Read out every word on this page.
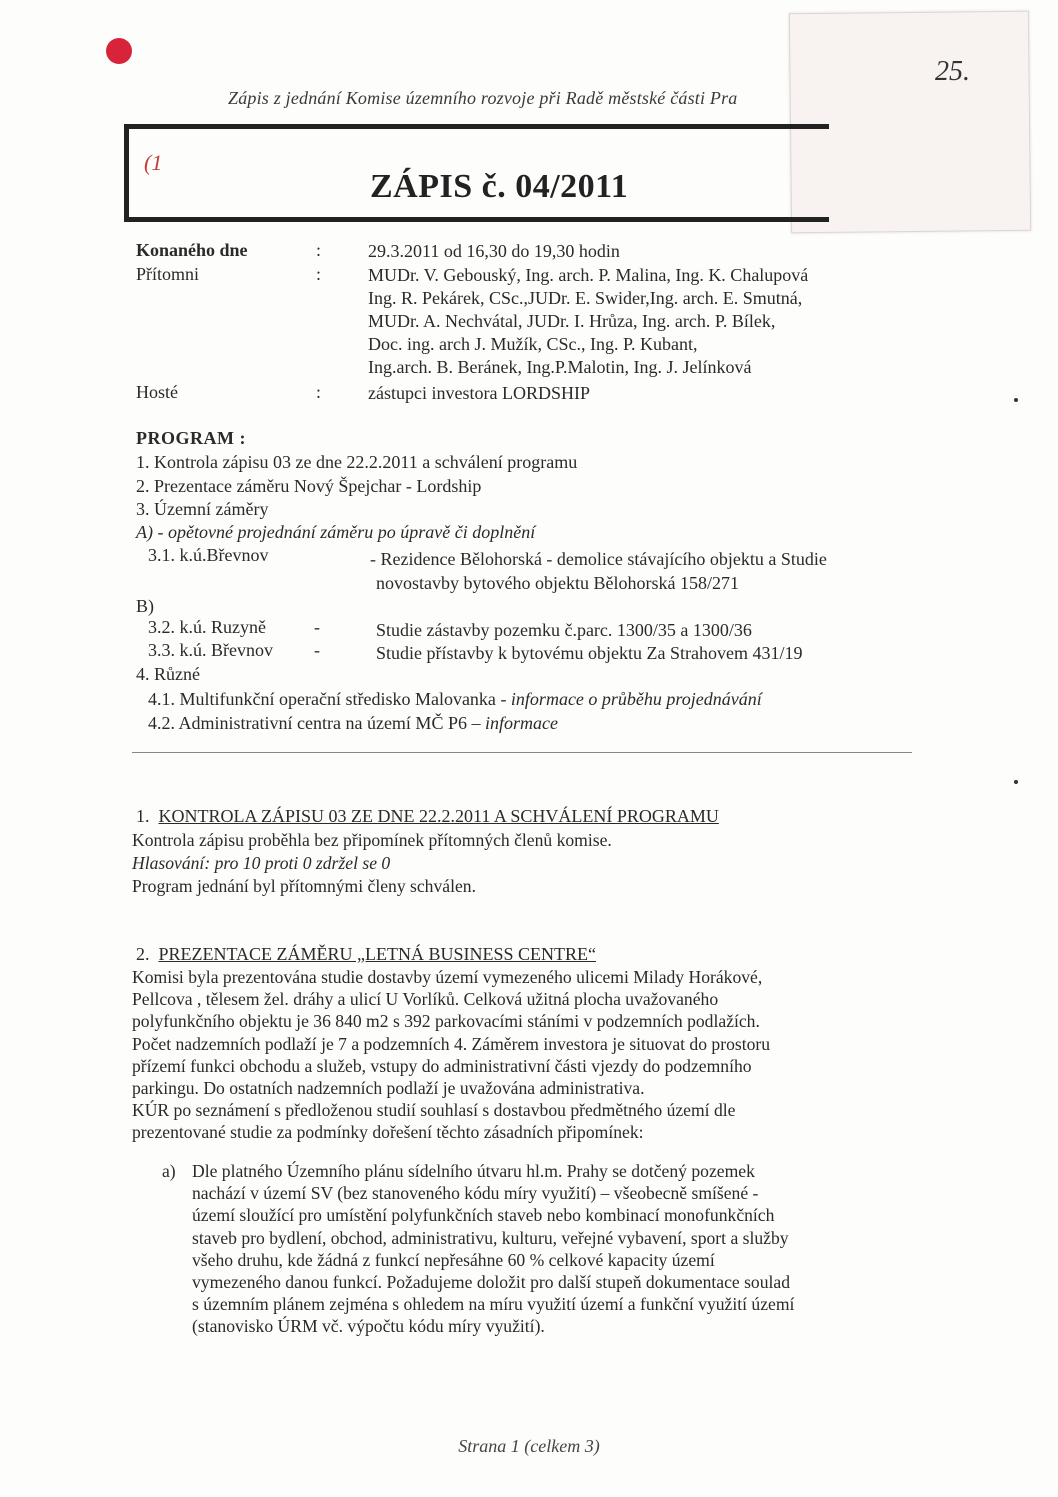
25.
Zápis z jednání Komise územního rozvoje při Radě městské části Pra
(1
ZÁPIS č. 04/2011
Konaného dne	:	29.3.2011 od 16,30 do 19,30 hodin
Přítomni	:	MUDr. V. Gebouský, Ing. arch. P. Malina, Ing. K. Chalupová
Ing. R. Pekárek, CSc.,JUDr. E. Swider,Ing. arch. E. Smutná,
MUDr. A. Nechvátal, JUDr. I. Hrůza, Ing. arch. P. Bílek,
Doc. ing. arch J. Mužík, CSc., Ing. P. Kubant,
Ing.arch. B. Beránek, Ing.P.Malotin, Ing. J. Jelínková
Hosté	:	zástupci investora LORDSHIP
PROGRAM :
1. Kontrola zápisu 03 ze dne 22.2.2011 a schválení programu
2. Prezentace záměru Nový Špejchar - Lordship
3. Územní záměry
A) - opětovné projednání záměru po úpravě či doplnění
3.1. k.ú.Břevnov	- Rezidence Bělohorská - demolice stávajícího objektu a Studie
novostavby bytového objektu Bělohorská 158/271
B)
3.2. k.ú. Ruzyně	-	Studie zástavby pozemku č.parc. 1300/35 a 1300/36
3.3. k.ú. Břevnov -	Studie přístavby k bytovému objektu Za Strahovem 431/19
4. Různé
4.1. Multifunkční operační středisko Malovanka - informace o průběhu projednávání
4.2. Administrativní centra na území MČ P6 – informace
1. KONTROLA ZÁPISU 03 ZE DNE 22.2.2011 A SCHVÁLENÍ PROGRAMU
Kontrola zápisu proběhla bez připomínek přítomných členů komise.
Hlasování: pro 10 proti 0 zdržel se 0
Program jednání byl přítomnými členy schválen.
2. PREZENTACE ZÁMĚRU „LETNÁ BUSINESS CENTRE“
Komisi byla prezentována studie dostavby území vymezeného ulicemi Milady Horákové,
Pellcova , tělesem žel. dráhy a ulicí U Vorlíků. Celková užitná plocha uvažovaného
polyfunkčního objektu je 36 840 m2 s 392 parkovacími stáními v podzemních podlažích.
Počet nadzemních podlaží je 7 a podzemních 4. Záměrem investora je situovat do prostoru
přízemí funkci obchodu a služeb, vstupy do administrativní části vjezdy do podzemního
parkingu. Do ostatních nadzemních podlaží je uvažována administrativa.
KÚR po seznámení s předloženou studií souhlasí s dostavbou předmětného území dle
prezentované studie za podmínky dořešení těchto zásadních připomínek:
a) Dle platného Územního plánu sídelního útvaru hl.m. Prahy se dotčený pozemek
nachází v území SV (bez stanoveného kódu míry využití) – všeobecně smíšené -
území sloužící pro umístění polyfunkčních staveb nebo kombinací monofunkčních
staveb pro bydlení, obchod, administrativu, kulturu, veřejné vybavení, sport a služby
všeho druhu, kde žádná z funkcí nepřesáhne 60 % celkové kapacity území
vymezeného danou funkcí. Požadujeme doložit pro další stupeň dokumentace soulad
s územním plánem zejména s ohledem na míru využití území a funkční využití území
(stanovisko ÚRM vč. výpočtu kódu míry využití).
Strana 1 (celkem 3)
